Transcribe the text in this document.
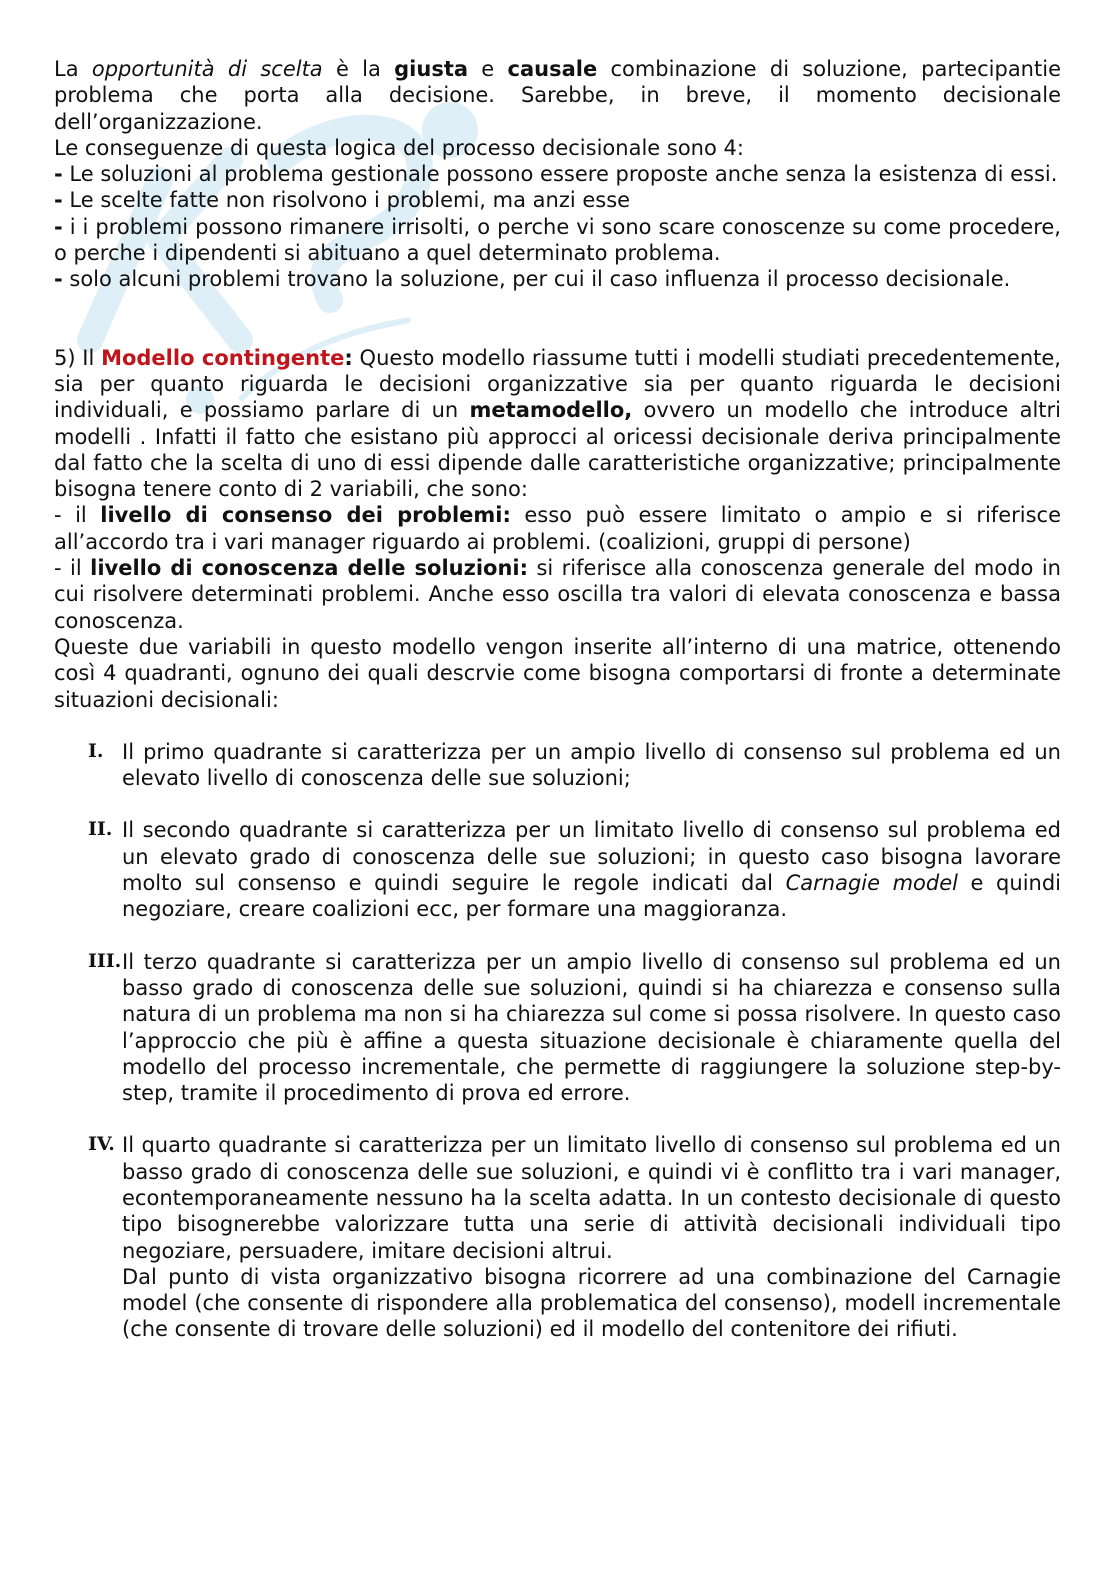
La opportunità di scelta è la giusta e causale combinazione di soluzione, partecipantie problema che porta alla decisione. Sarebbe, in breve, il momento decisionale dell’organizzazione.

Le conseguenze di questa logica del processo decisionale sono 4:

- Le soluzioni al problema gestionale possono essere proposte anche senza la esistenza di essi.

- Le scelte fatte non risolvono i problemi, ma anzi esse

- i i problemi possono rimanere irrisolti, o perche vi sono scare conoscenze su come procedere, o perche i dipendenti si abituano a quel determinato problema.

- solo alcuni problemi trovano la soluzione, per cui il caso influenza il processo decisionale.

5) Il Modello contingente: Questo modello riassume tutti i modelli studiati precedentemente, sia per quanto riguarda le decisioni organizzative sia per quanto riguarda le decisioni individuali, e possiamo parlare di un metamodello, ovvero un modello che introduce altri modelli . Infatti il fatto che esistano più approcci al oricessi decisionale deriva principalmente dal fatto che la scelta di uno di essi dipende dalle caratteristiche organizzative; principalmente bisogna tenere conto di 2 variabili, che sono:

- il livello di consenso dei problemi: esso può essere limitato o ampio e si riferisce all’accordo tra i vari manager riguardo ai problemi. (coalizioni, gruppi di persone)

- il livello di conoscenza delle soluzioni: si riferisce alla conoscenza generale del modo in cui risolvere determinati problemi. Anche esso oscilla tra valori di elevata conoscenza e bassa conoscenza.

Queste due variabili in questo modello vengon inserite all’interno di una matrice, ottenendo così 4 quadranti, ognuno dei quali descrvie come bisogna comportarsi di fronte a determinate situazioni decisionali:

I. Il primo quadrante si caratterizza per un ampio livello di consenso sul problema ed un elevato livello di conoscenza delle sue soluzioni;

II. Il secondo quadrante si caratterizza per un limitato livello di consenso sul problema ed un elevato grado di conoscenza delle sue soluzioni; in questo caso bisogna lavorare molto sul consenso e quindi seguire le regole indicati dal Carnagie model e quindi negoziare, creare coalizioni ecc, per formare una maggioranza.

III. Il terzo quadrante si caratterizza per un ampio livello di consenso sul problema ed un basso grado di conoscenza delle sue soluzioni, quindi si ha chiarezza e consenso sulla natura di un problema ma non si ha chiarezza sul come si possa risolvere. In questo caso l’approccio che più è affine a questa situazione decisionale è chiaramente quella del modello del processo incrementale, che permette di raggiungere la soluzione step-by-step, tramite il procedimento di prova ed errore.

IV. Il quarto quadrante si caratterizza per un limitato livello di consenso sul problema ed un basso grado di conoscenza delle sue soluzioni, e quindi vi è conflitto tra i vari manager, econtemporaneamente nessuno ha la scelta adatta. In un contesto decisionale di questo tipo bisognerebbe valorizzare tutta una serie di attività decisionali individuali tipo negoziare, persuadere, imitare decisioni altrui.

Dal punto di vista organizzativo bisogna ricorrere ad una combinazione del Carnagie model (che consente di rispondere alla problematica del consenso), modell incrementale (che consente di trovare delle soluzioni) ed il modello del contenitore dei rifiuti.
